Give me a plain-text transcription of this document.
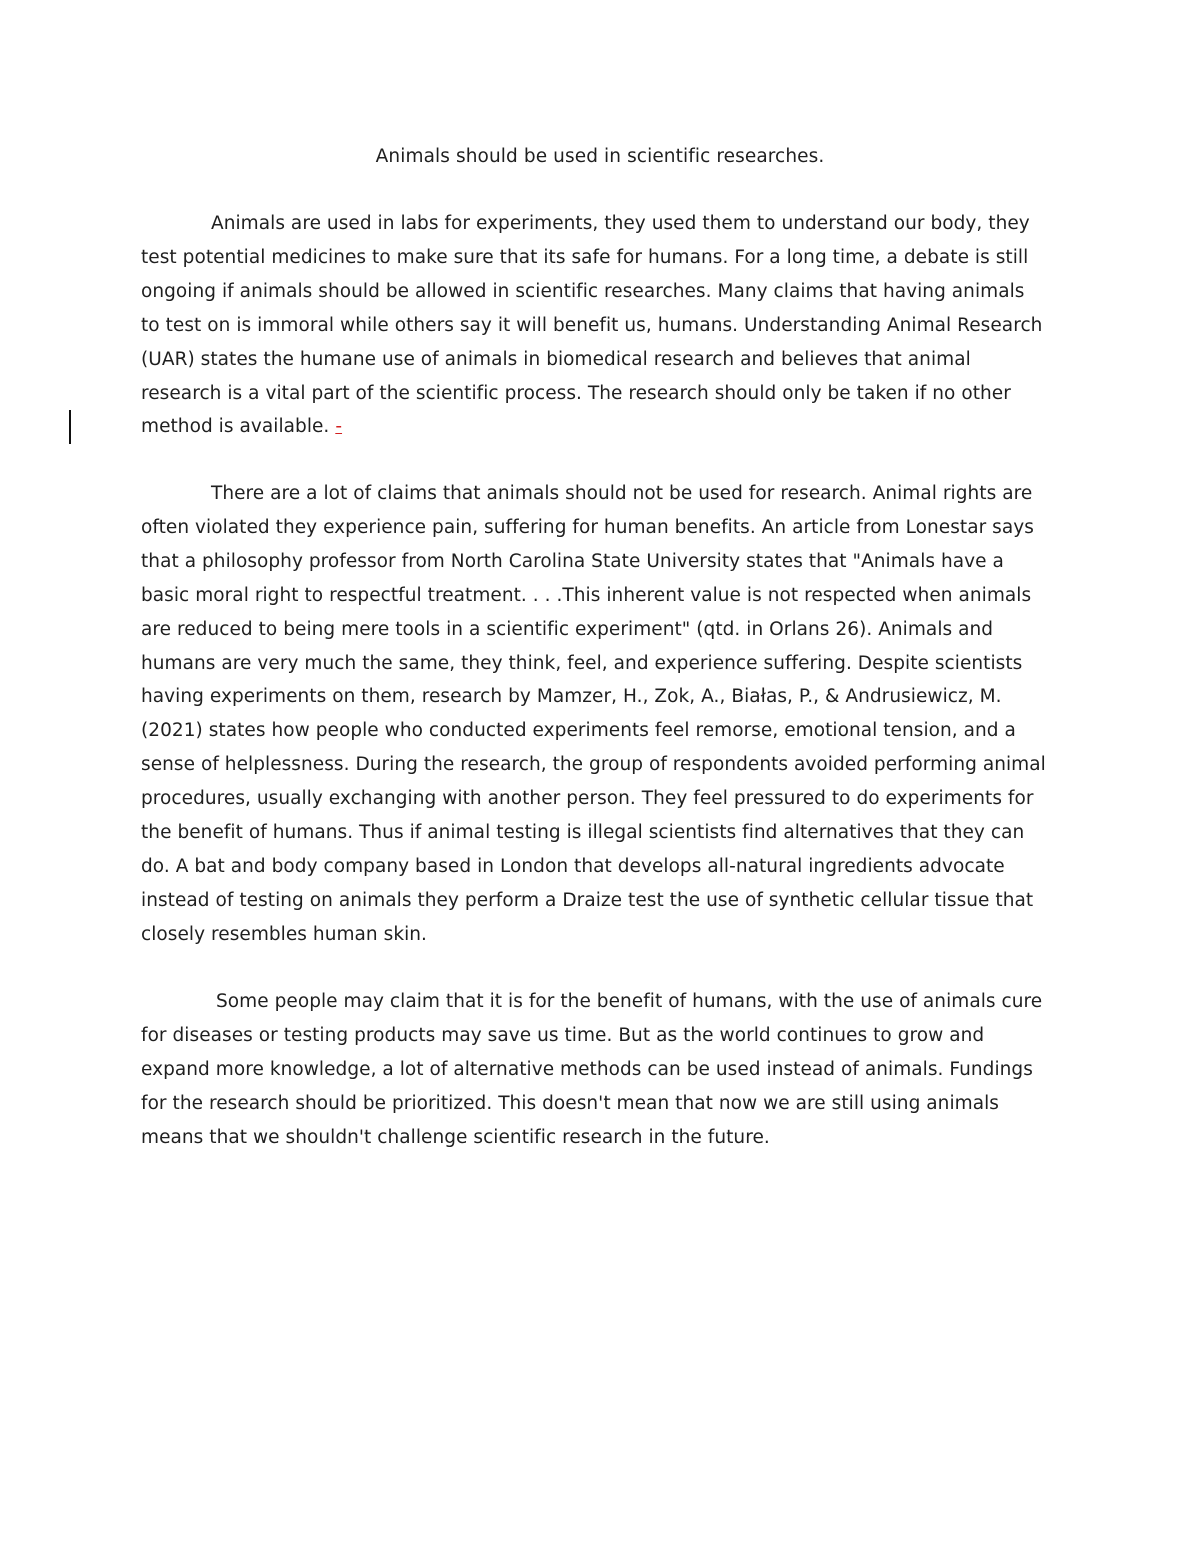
Animals should be used in scientific researches.

Animals are used in labs for experiments, they used them to understand our body, they
test potential medicines to make sure that its safe for humans. For a long time, a debate is still
ongoing if animals should be allowed in scientific researches. Many claims that having animals
to test on is immoral while others say it will benefit us, humans. Understanding Animal Research
(UAR) states the humane use of animals in biomedical research and believes that animal
research is a vital part of the scientific process. The research should only be taken if no other
method is available. -

There are a lot of claims that animals should not be used for research. Animal rights are
often violated they experience pain, suffering for human benefits. An article from Lonestar says
that a philosophy professor from North Carolina State University states that "Animals have a
basic moral right to respectful treatment. . . .This inherent value is not respected when animals
are reduced to being mere tools in a scientific experiment" (qtd. in Orlans 26). Animals and
humans are very much the same, they think, feel, and experience suffering. Despite scientists
having experiments on them, research by Mamzer, H., Zok, A., Białas, P., & Andrusiewicz, M.
(2021) states how people who conducted experiments feel remorse, emotional tension, and a
sense of helplessness. During the research, the group of respondents avoided performing animal
procedures, usually exchanging with another person. They feel pressured to do experiments for
the benefit of humans. Thus if animal testing is illegal scientists find alternatives that they can
do. A bat and body company based in London that develops all-natural ingredients advocate
instead of testing on animals they perform a Draize test the use of synthetic cellular tissue that
closely resembles human skin.

Some people may claim that it is for the benefit of humans, with the use of animals cure
for diseases or testing products may save us time. But as the world continues to grow and
expand more knowledge, a lot of alternative methods can be used instead of animals. Fundings
for the research should be prioritized. This doesn't mean that now we are still using animals
means that we shouldn't challenge scientific research in the future.
